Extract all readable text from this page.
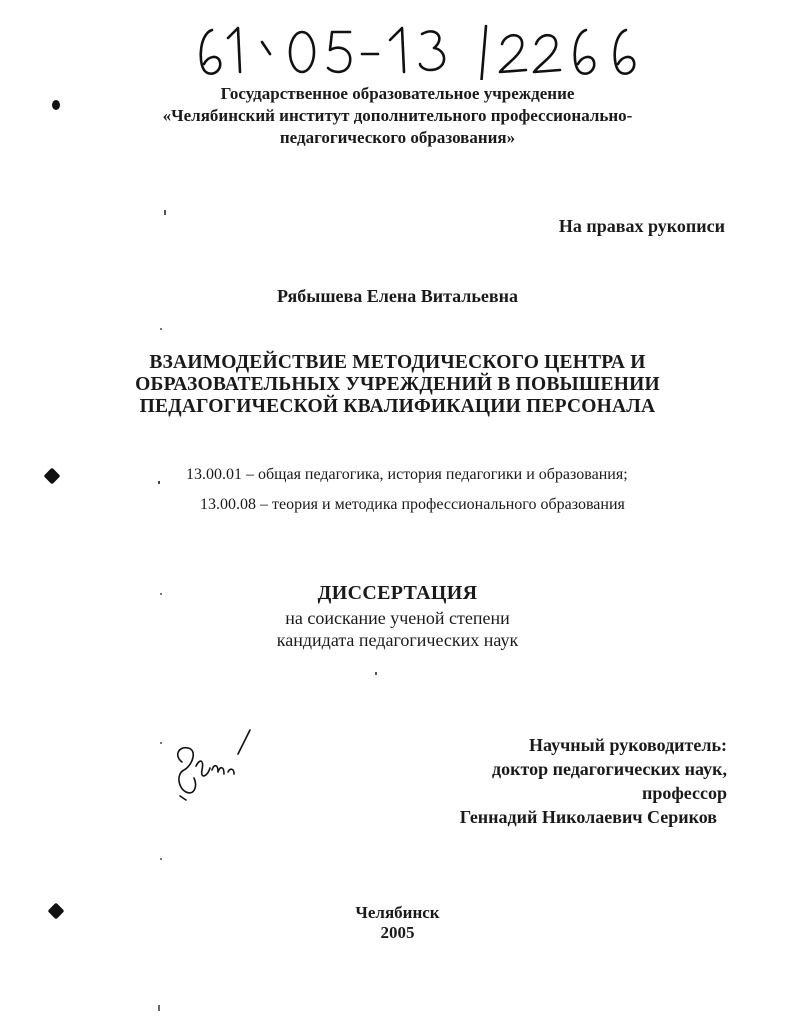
Государственное образовательное учреждение
«Челябинский институт дополнительного профессионально-
педагогического образования»
На правах рукописи
Рябышева Елена Витальевна
ВЗАИМОДЕЙСТВИЕ МЕТОДИЧЕСКОГО ЦЕНТРА И
ОБРАЗОВАТЕЛЬНЫХ УЧРЕЖДЕНИЙ В ПОВЫШЕНИИ
ПЕДАГОГИЧЕСКОЙ КВАЛИФИКАЦИИ ПЕРСОНАЛА
13.00.01 – общая педагогика, история педагогики и образования;
13.00.08 – теория и методика профессионального образования
ДИССЕРТАЦИЯ
на соискание ученой степени
кандидата педагогических наук
Научный руководитель:
доктор педагогических наук,
профессор
Геннадий Николаевич Сериков
Челябинск
2005
